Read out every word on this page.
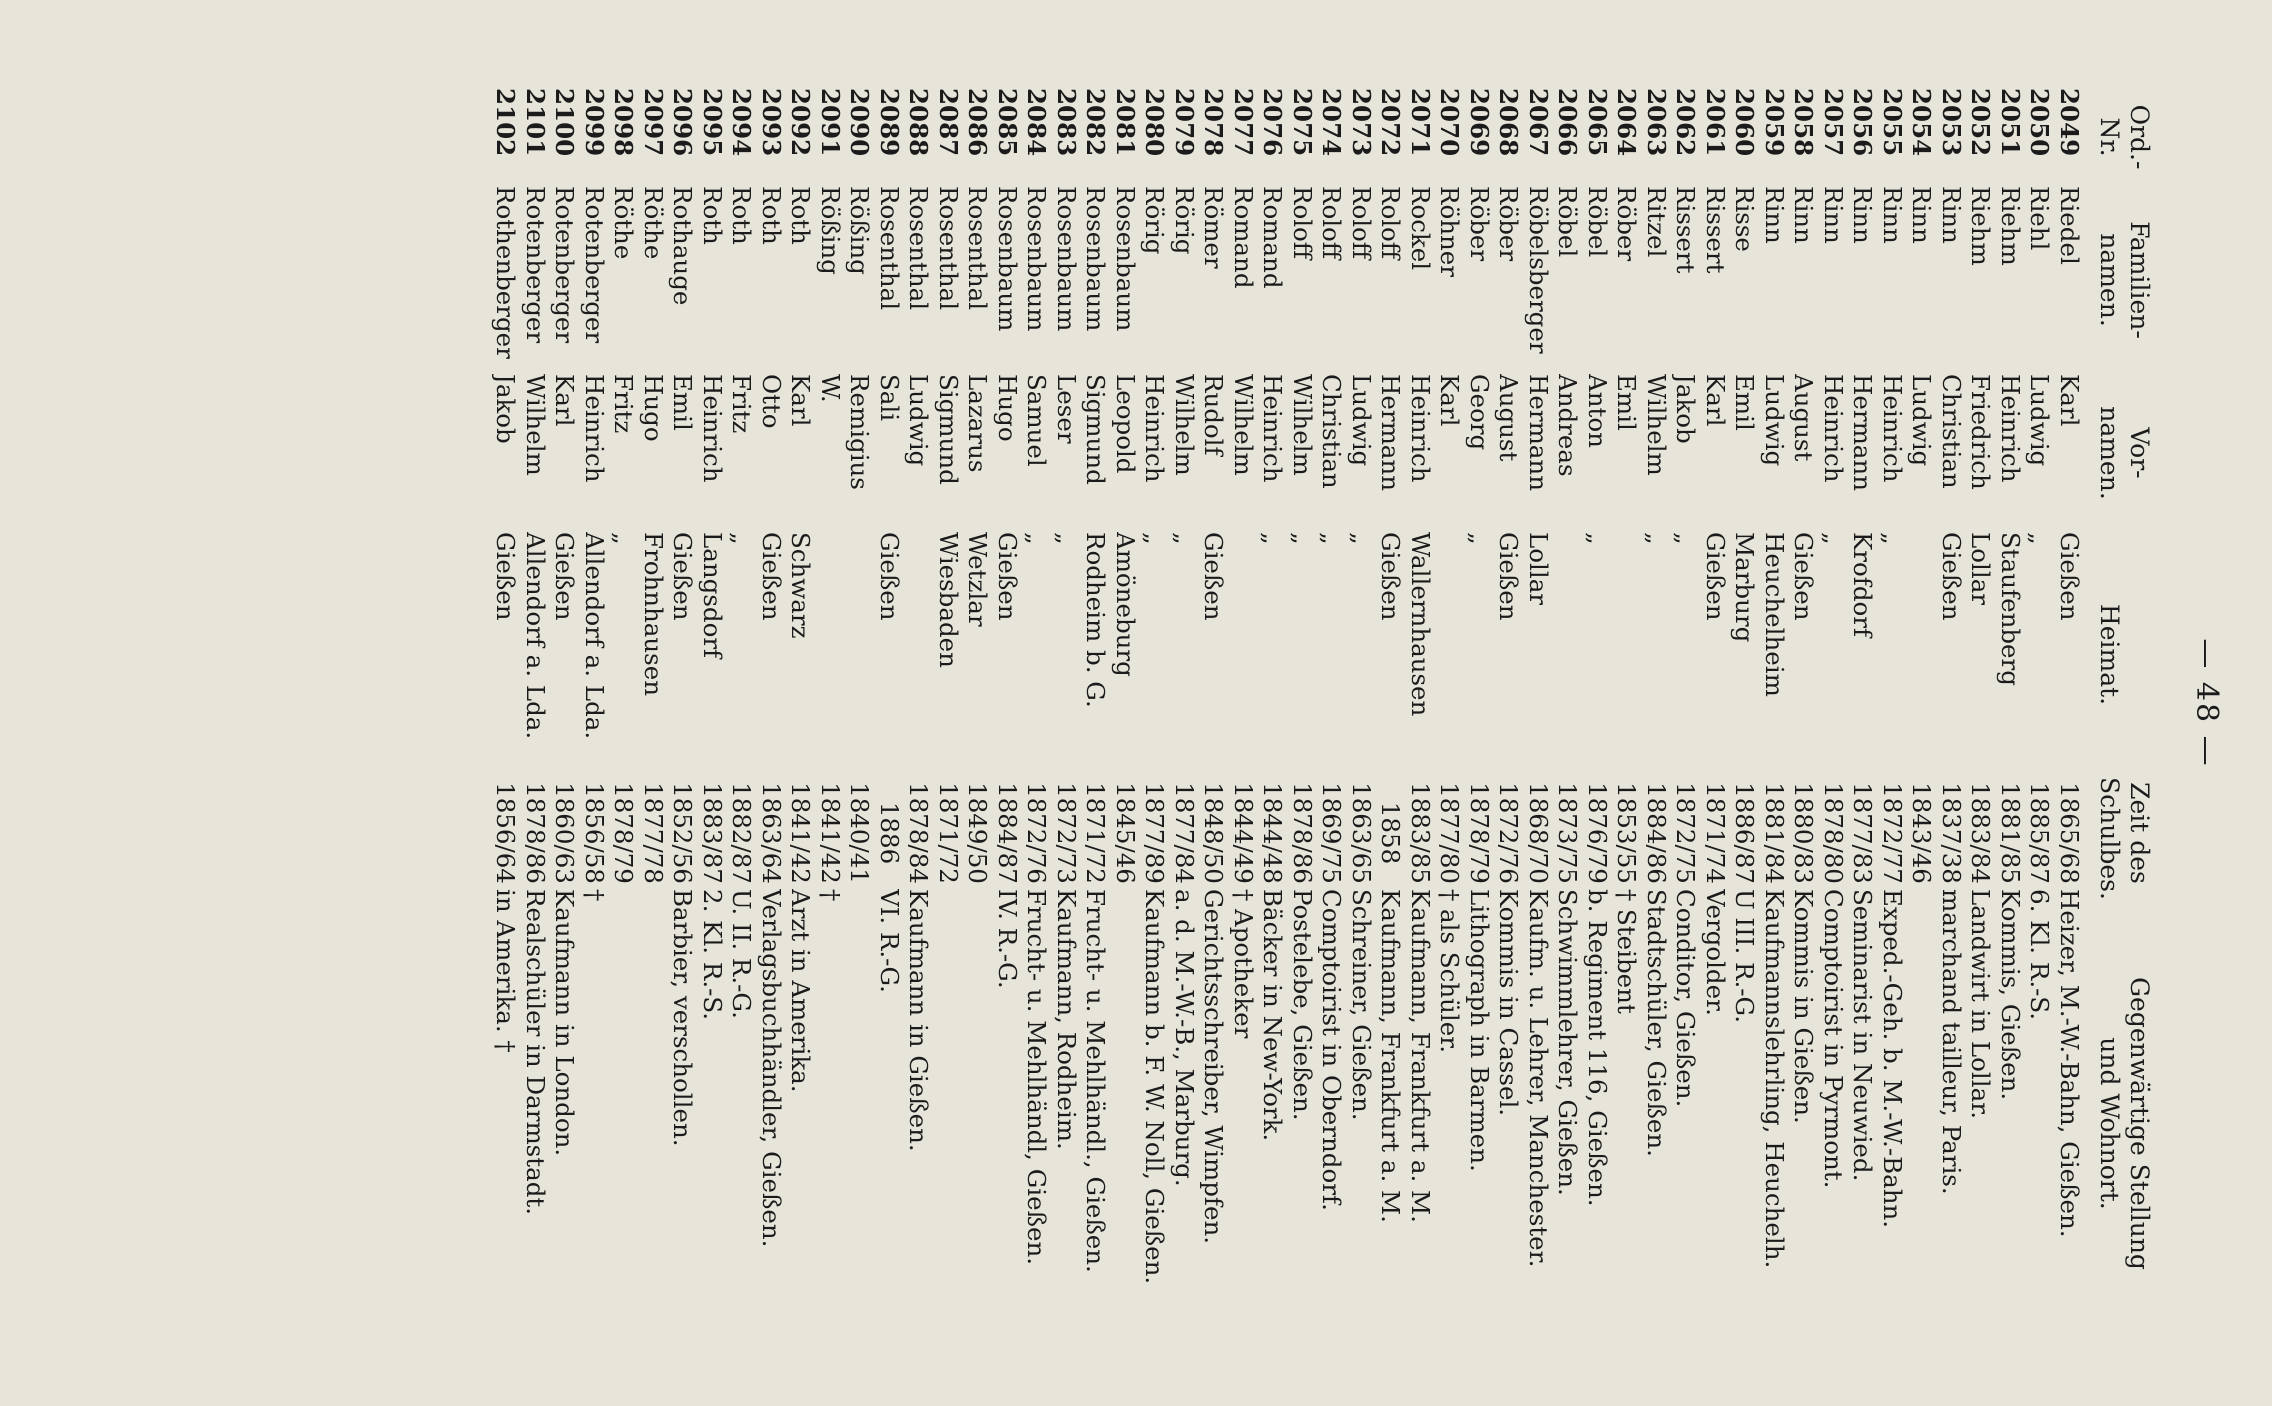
— 48 —
Ord.-
Nr.	Familien-
namen.	Vor-
namen.	Heimat.	Zeit des
Schulbes.	Gegenwärtige Stellung
und Wohnort.
2049	Riedel	Karl	Gießen	1865/68	Heizer, M.-W.-Bahn, Gießen.
2050	Riehl	Ludwig	„	1885/87	6. Kl. R.-S.
2051	Riehm	Heinrich	Staufenberg	1881/85	Kommis, Gießen.
2052	Riehm	Friedrich	Lollar	1883/84	Landwirt in Lollar.
2053	Rinn	Christian	Gießen	1837/38	marchand tailleur, Paris.
2054	Rinn	Ludwig		1843/46	
2055	Rinn	Heinrich	„	1872/77	Exped.-Geh. b. M.-W.-Bahn.
2056	Rinn	Hermann	Krofdorf	1877/83	Seminarist in Neuwied.
2057	Rinn	Heinrich	„	1878/80	Comptoirist in Pyrmont.
2058	Rinn	August	Gießen	1880/83	Kommis in Gießen.
2059	Rinn	Ludwig	Heuchelheim	1881/84	Kaufmannslehrling, Heuchelh.
2060	Risse	Emil	Marburg	1886/87	U III. R.-G.
2061	Rissert	Karl	Gießen	1871/74	Vergolder.
2062	Rissert	Jakob	„	1872/75	Conditor, Gießen.
2063	Ritzel	Wilhelm	„	1884/86	Stadtschüler, Gießen.
2064	Röber	Emil		1853/55	† Steibent
2065	Röbel	Anton	„	1876/79	b. Regiment 116, Gießen.
2066	Röbel	Andreas		1873/75	Schwimmlehrer, Gießen.
2067	Röbelsberger	Hermann	Lollar	1868/70	Kaufm. u. Lehrer, Manchester.
2068	Röber	August	Gießen	1872/76	Kommis in Cassel.
2069	Röber	Georg	„	1878/79	Lithograph in Barmen.
2070	Röhner	Karl		1877/80	† als Schüler.
2071	Rockel	Heinrich	Wallernhausen	1883/85	Kaufmann, Frankfurt a. M.
2072	Roloff	Hermann	Gießen	1858	Kaufmann, Frankfurt a. M.
2073	Roloff	Ludwig	„	1863/65	Schreiner, Gießen.
2074	Roloff	Christian	„	1869/75	Comptoirist in Oberndorf.
2075	Roloff	Wilhelm	„	1878/86	Postelebe, Gießen.
2076	Romand	Heinrich	„	1844/48	Bäcker in New-York.
2077	Romand	Wilhelm		1844/49	† Apotheker
2078	Römer	Rudolf	Gießen	1848/50	Gerichtsschreiber, Wimpfen.
2079	Rörig	Wilhelm	„	1877/84	a. d. M.-W.-B., Marburg.
2080	Rörig	Heinrich	„	1877/89	Kaufmann b. F. W. Noll, Gießen.
2081	Rosenbaum	Leopold	Amöneburg	1845/46	
2082	Rosenbaum	Sigmund	Rodheim b. G.	1871/72	Frucht- u. Mehlhändl., Gießen.
2083	Rosenbaum	Leser	„	1872/73	Kaufmann, Rodheim.
2084	Rosenbaum	Samuel	„	1872/76	Frucht- u. Mehlhändl, Gießen.
2085	Rosenbaum	Hugo	Gießen	1884/87	IV. R.-G.
2086	Rosenthal	Lazarus	Wetzlar	1849/50	
2087	Rosenthal	Sigmund	Wiesbaden	1871/72	
2088	Rosenthal	Ludwig		1878/84	Kaufmann in Gießen.
2089	Rosenthal	Sali	Gießen	1886	VI. R.-G.
2090	Rößing	Remigius		1840/41	
2091	Rößing	W.		1841/42	†
2092	Roth	Karl	Schwarz	1841/42	Arzt in Amerika.
2093	Roth	Otto	Gießen	1863/64	Verlagsbuchhändler, Gießen.
2094	Roth	Fritz	„	1882/87	U. II. R.-G.
2095	Roth	Heinrich	Langsdorf	1883/87	2. Kl. R.-S.
2096	Rothauge	Emil	Gießen	1852/56	Barbier, verschollen.
2097	Röthe	Hugo	Frohnhausen	1877/78	
2098	Röthe	Fritz	„	1878/79	
2099	Rotenberger	Heinrich	Allendorf a. Lda.	1856/58	†
2100	Rotenberger	Karl	Gießen	1860/63	Kaufmann in London.
2101	Rotenberger	Wilhelm	Allendorf a. Lda.	1878/86	Realschüler in Darmstadt.
2102	Rothenberger	Jakob	Gießen	1856/64	in Amerika. †
